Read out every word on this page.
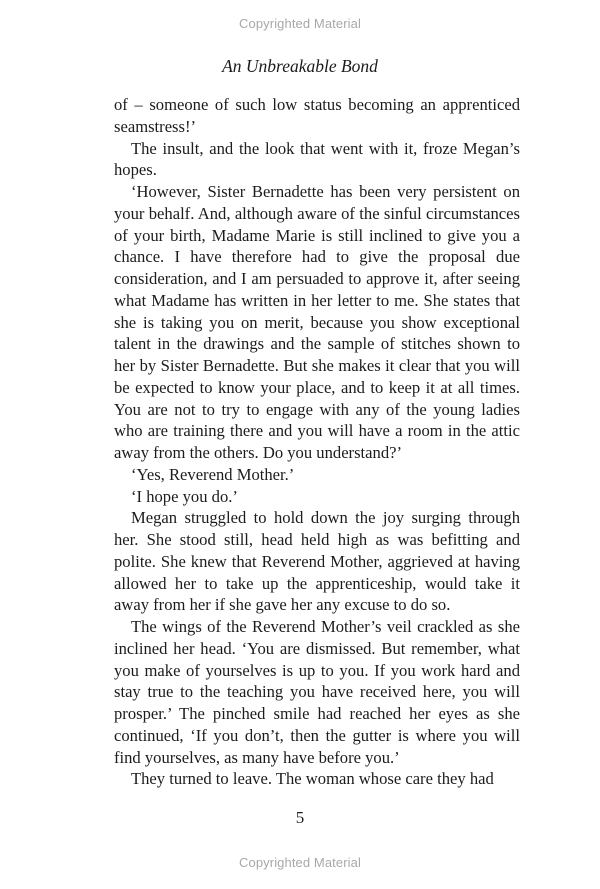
Copyrighted Material
An Unbreakable Bond

of – someone of such low status becoming an apprenticed seamstress!’

The insult, and the look that went with it, froze Megan’s hopes.

‘However, Sister Bernadette has been very persistent on your behalf. And, although aware of the sinful circumstances of your birth, Madame Marie is still inclined to give you a chance. I have therefore had to give the proposal due consideration, and I am persuaded to approve it, after seeing what Madame has written in her letter to me. She states that she is taking you on merit, because you show exceptional talent in the drawings and the sample of stitches shown to her by Sister Bernadette. But she makes it clear that you will be expected to know your place, and to keep it at all times. You are not to try to engage with any of the young ladies who are training there and you will have a room in the attic away from the others. Do you understand?’

‘Yes, Reverend Mother.’

‘I hope you do.’

Megan struggled to hold down the joy surging through her. She stood still, head held high as was befitting and polite. She knew that Reverend Mother, aggrieved at having allowed her to take up the apprenticeship, would take it away from her if she gave her any excuse to do so.

The wings of the Reverend Mother’s veil crackled as she inclined her head. ‘You are dismissed. But remember, what you make of yourselves is up to you. If you work hard and stay true to the teaching you have received here, you will prosper.’ The pinched smile had reached her eyes as she continued, ‘If you don’t, then the gutter is where you will find yourselves, as many have before you.’

They turned to leave. The woman whose care they had

5
Copyrighted Material
